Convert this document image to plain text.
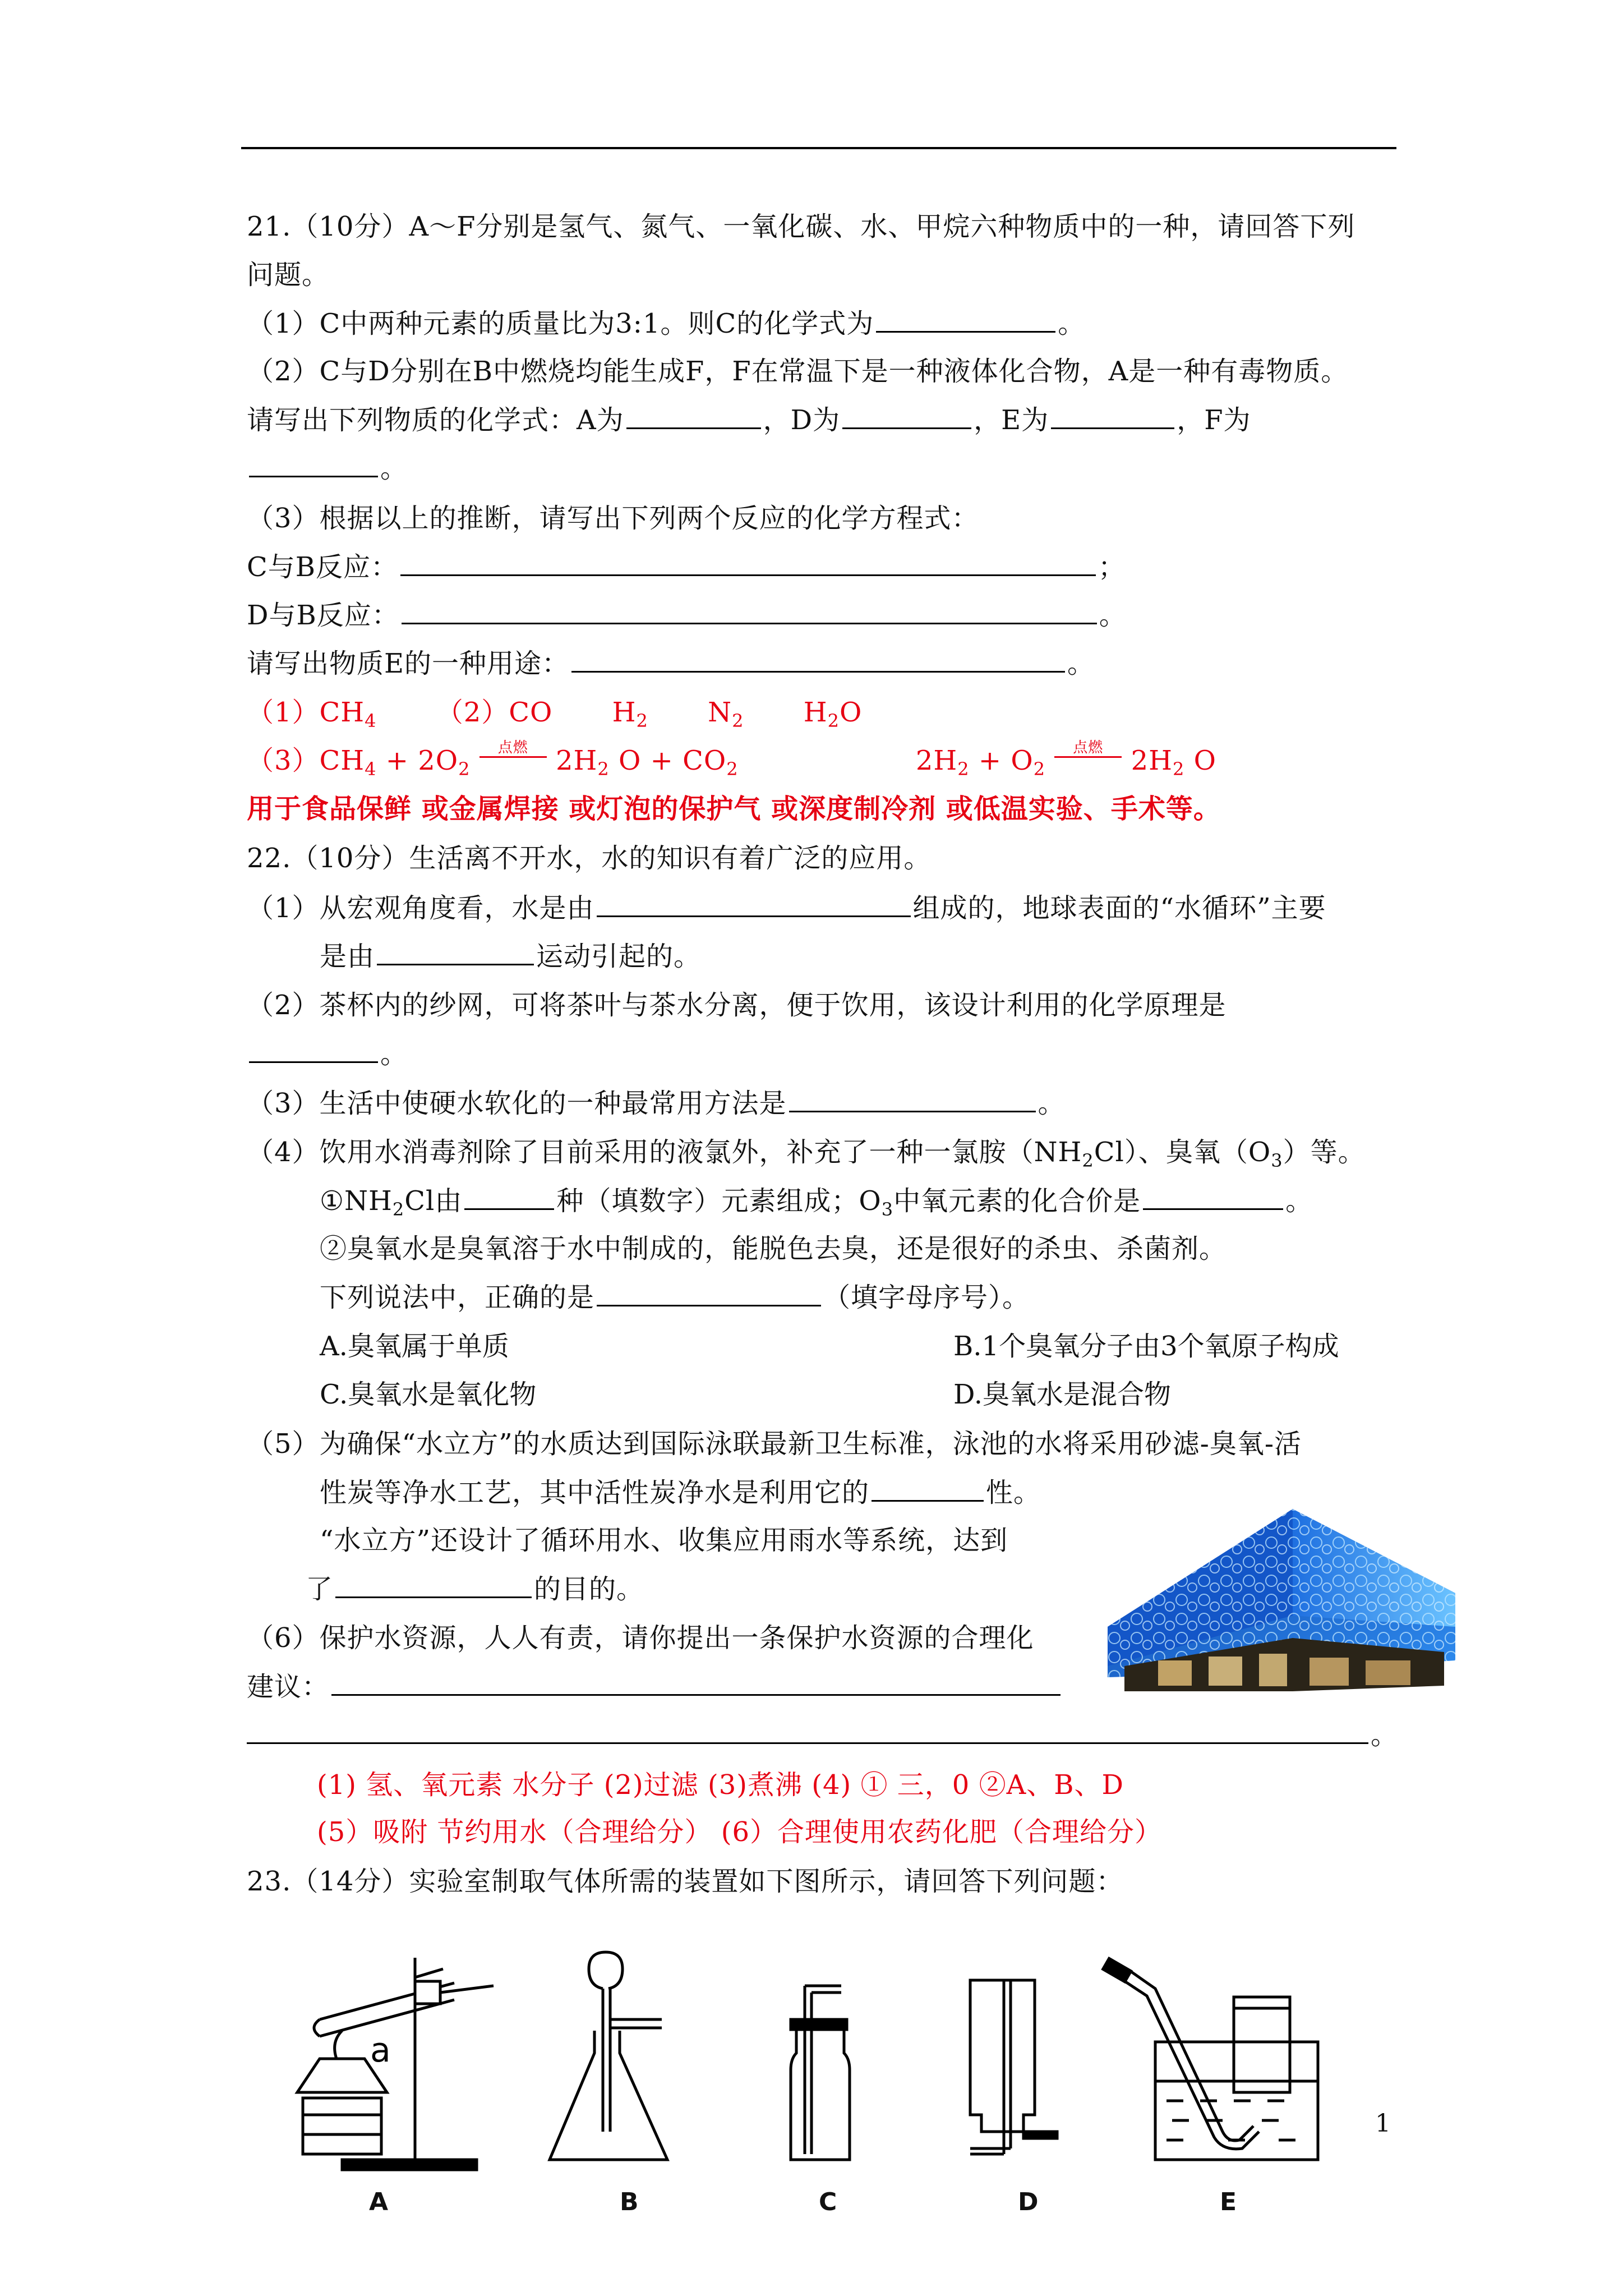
21.（10分）A～F分别是氢气、氮气、一氧化碳、水、甲烷六种物质中的一种，请回答下列
问题。
（1）C中两种元素的质量比为3:1。则C的化学式为	。
（2）C与D分别在B中燃烧均能生成F，F在常温下是一种液体化合物，A是一种有毒物质。
请写出下列物质的化学式：A为	，D为	，E为	，F为
。
（3）根据以上的推断，请写出下列两个反应的化学方程式：
C与B反应：	；
D与B反应：	。
请写出物质E的一种用途：	。
$(1)CH_4$ （2）CO $H_2$ $N_2$ $H_2O$
$(3)CH_4 + 2O_2$
点燃	$2H_2$ $O + CO_2$	$2H_2 + O_2$
点燃	$2H_2$ O
用于食品保鲜 或金属焊接 或灯泡的保护气 或深度制冷剂 或低温实验、手术等。
22.（10分）生活离不开水，水的知识有着广泛的应用。
（1）从宏观角度看，水是由	组成的，地球表面的“水循环”主要
是由	运动引起的。
（2）茶杯内的纱网，可将茶叶与茶水分离，便于饮用，该设计利用的化学原理是
。
（3）生活中使硬水软化的一种最常用方法是	。
（4）饮用水消毒剂除了目前采用的液氯外，补充了一种一氯胺$(NH_2Cl)$、臭氧$(O_3)$等。
$①NH_2Cl$由	种（填数字）元素组成；$O_3$中氧元素的化合价是	。
②臭氧水是臭氧溶于水中制成的，能脱色去臭，还是很好的杀虫、杀菌剂。
下列说法中，正确的是	（填字母序号）。
A.臭氧属于单质	B.1个臭氧分子由3个氧原子构成
C.臭氧水是氧化物	D.臭氧水是混合物
（5）为确保“水立方”的水质达到国际泳联最新卫生标准，泳池的水将采用砂滤-臭氧-活
性炭等净水工艺，其中活性炭净水是利用它的	性。
“水立方”还设计了循环用水、收集应用雨水等系统，达到
了	的目的。
（6）保护水资源，人人有责，请你提出一条保护水资源的合理化
建议：
。
(1) 氢、氧元素 水分子 (2)过滤 (3)煮沸 (4) ① 三，0 ②A、B、D
(5）吸附 节约用水（合理给分） (6）合理使用农药化肥（合理给分）
23.（14分）实验室制取气体所需的装置如下图所示，请回答下列问题：
a
1
A	B	C	D	E
